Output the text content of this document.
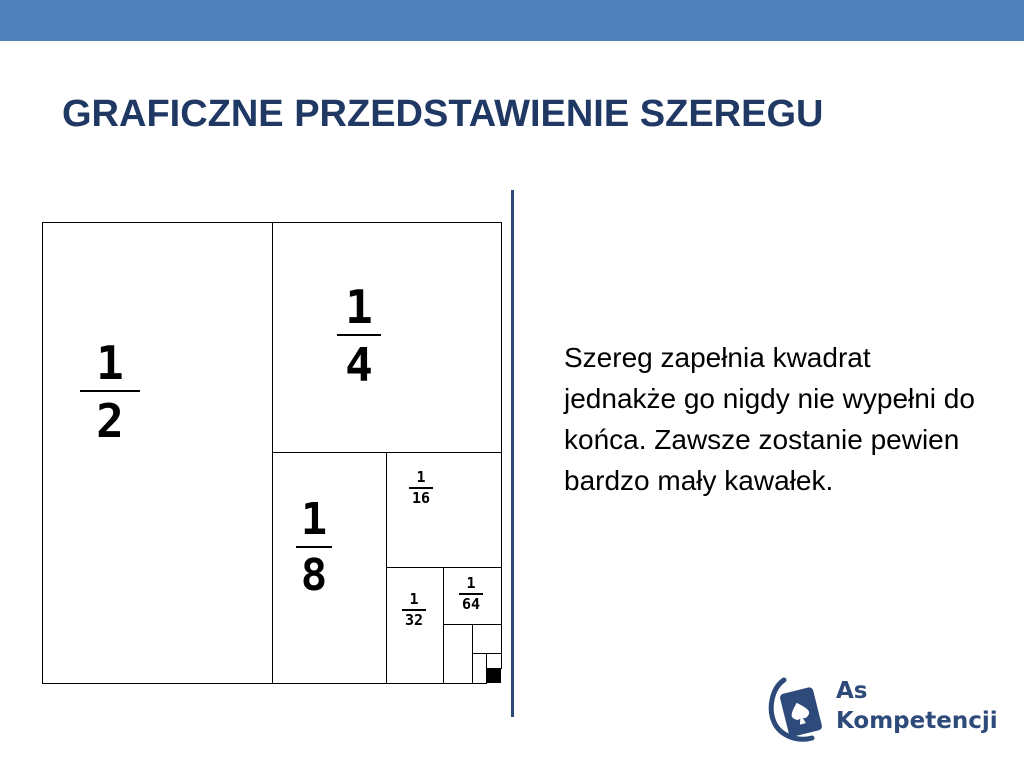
GRAFICZNE PRZEDSTAWIENIE SZEREGU
1
2
1
4
1
8
1
16
1
32
1
64
Szereg zapełnia kwadrat jednakże go nigdy nie wypełni do końca. Zawsze zostanie pewien bardzo mały kawałek.
As
Kompetencji
